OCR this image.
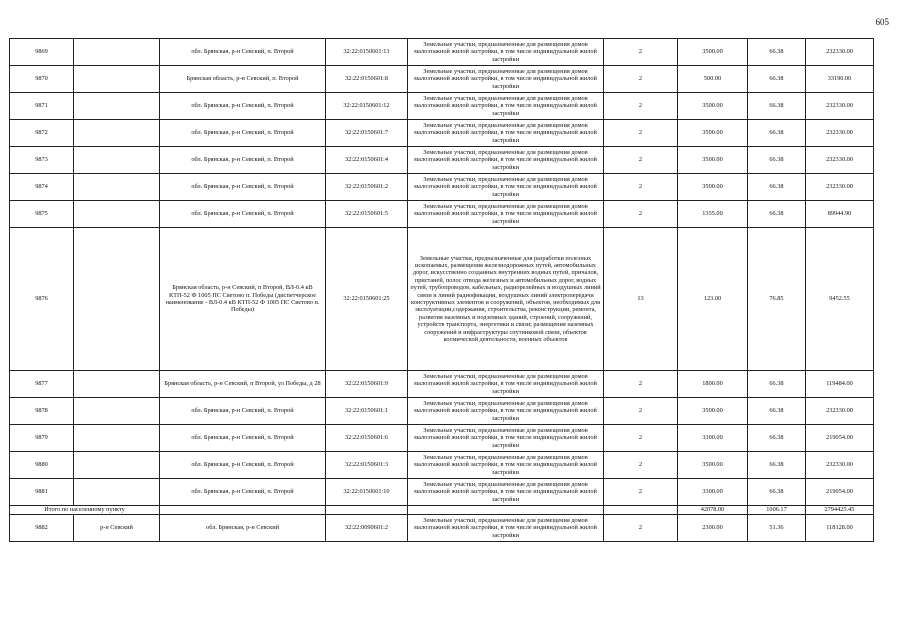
605
9869		обл. Брянская, р-н Севский, п. Второй	32:22:0150601:13	Земельные участки, предназначенные для размещения домов малоэтажной жилой застройки, в том числе индивидуальной жилой застройки	2	3500.00	66.38	232330.00
9870		Брянская область, р-н Севский, п. Второй	32:22:0150601:8	Земельные участки, предназначенные для размещения домов малоэтажной жилой застройки, в том числе индивидуальной жилой застройки	2	500.00	66.38	33190.00
9871		обл. Брянская, р-н Севский, п. Второй	32:22:0150601:12	Земельные участки, предназначенные для размещения домов малоэтажной жилой застройки, в том числе индивидуальной жилой застройки	2	3500.00	66.38	232330.00
9872		обл. Брянская, р-н Севский, п. Второй	32:22:0150601:7	Земельные участки, предназначенные для размещения домов малоэтажной жилой застройки, в том числе индивидуальной жилой застройки	2	3500.00	66.38	232330.00
9873		обл. Брянская, р-н Севский, п. Второй	32:22:0150601:4	Земельные участки, предназначенные для размещения домов малоэтажной жилой застройки, в том числе индивидуальной жилой застройки	2	3500.00	66.38	232330.00
9874		обл. Брянская, р-н Севский, п. Второй	32:22:0150601:2	Земельные участки, предназначенные для размещения домов малоэтажной жилой застройки, в том числе индивидуальной жилой застройки	2	3500.00	66.38	232330.00
9875		обл. Брянская, р-н Севский, п. Второй	32:22:0150601:5	Земельные участки, предназначенные для размещения домов малоэтажной жилой застройки, в том числе индивидуальной жилой застройки	2	1355.00	66.38	89944.90
9876		Брянская область, р-н Севский, п Второй, ВЛ-0.4 кВ КТП-52 Ф 1005 ПС Светово п. Победы (диспетчерское наименование - ВЛ-0.4 кВ КТП-52 Ф 1005 ПС Светово п. Победы)	32:22:0150601:25	Земельные участки, предназначенные для разработки полезных ископаемых, размещения железнодорожных путей, автомобильных дорог, искусственно созданных внутренних водных путей, причалов, пристаней, полос отвода железных и автомобильных дорог, водных путей, трубопроводов, кабельных, радиорелейных и воздушных линий связи и линий радиофикации, воздушных линий электропередачи конструктивных элементов и сооружений, объектов, необходимых для эксплуатации,содержания, строительства, реконструкции, ремонта, развития наземных и подземных зданий, строений, сооружений, устройств транспорта, энергетики и связи; размещения наземных сооружений и инфраструктуры спутниковой связи, объектов космической деятельности, военных объектов	13	123.00	76.85	9452.55
9877		Брянская область, р-н Севский, п Второй, ул Победы, д 28	32:22:0150601:9	Земельные участки, предназначенные для размещения домов малоэтажной жилой застройки, в том числе индивидуальной жилой застройки	2	1800.00	66.38	119484.00
9878		обл. Брянская, р-н Севский, п. Второй	32:22:0150601:1	Земельные участки, предназначенные для размещения домов малоэтажной жилой застройки, в том числе индивидуальной жилой застройки	2	3500.00	66.38	232330.00
9879		обл. Брянская, р-н Севский, п. Второй	32:22:0150601:6	Земельные участки, предназначенные для размещения домов малоэтажной жилой застройки, в том числе индивидуальной жилой застройки	2	3300.00	66.38	219054.00
9880		обл. Брянская, р-н Севский, п. Второй	32:22:0150601:3	Земельные участки, предназначенные для размещения домов малоэтажной жилой застройки, в том числе индивидуальной жилой застройки	2	3500.00	66.38	232330.00
9881		обл. Брянская, р-н Севский, п. Второй	32:22:0150601:10	Земельные участки, предназначенные для размещения домов малоэтажной жилой застройки, в том числе индивидуальной жилой застройки	2	3300.00	66.38	219054.00
Итого по населенному пункту						42078.00	1006.17	2794425.45
9882	р-н Севский	обл. Брянская, р-н Севский	32:22:0090601:2	Земельные участки, предназначенные для размещения домов малоэтажной жилой застройки, в том числе индивидуальной жилой застройки	2	2300.00	51.36	118128.00
